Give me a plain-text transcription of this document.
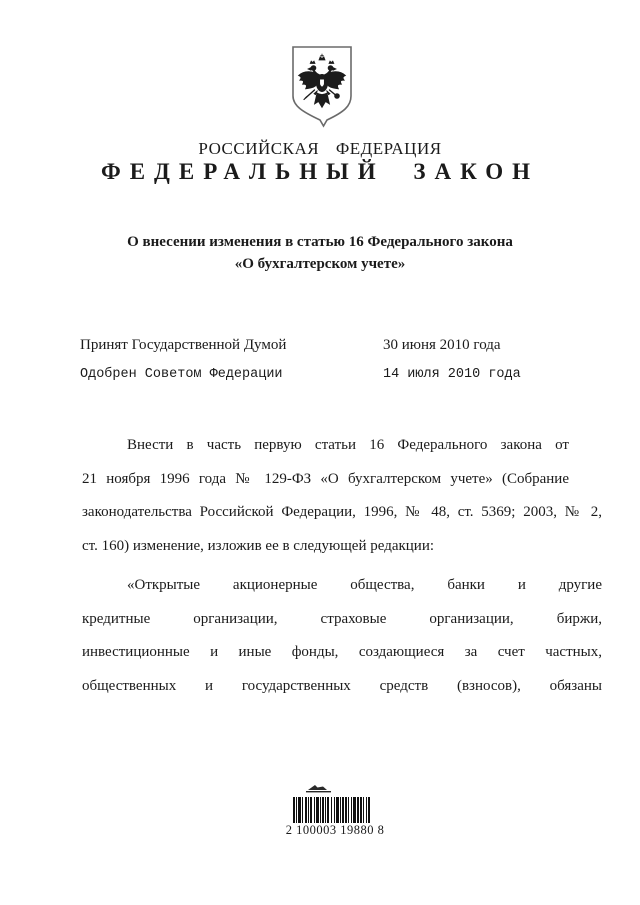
РОССИЙСКАЯ ФЕДЕРАЦИЯ
ФЕДЕРАЛЬНЫЙ ЗАКОН
О внесении изменения в статью 16 Федерального закона
«О бухгалтерском учете»
Принят Государственной Думой	30 июня 2010 года
Одобрен Советом Федерации	14 июля 2010 года
Внести в часть первую статьи 16 Федерального закона от
21 ноября 1996 года № 129-ФЗ «О бухгалтерском учете» (Собрание
законодательства Российской Федерации, 1996, № 48, ст. 5369; 2003, № 2,
ст. 160) изменение, изложив ее в следующей редакции:
«Открытые акционерные общества, банки и другие
кредитные организации, страховые организации, биржи,
инвестиционные и иные фонды, создающиеся за счет частных,
общественных и государственных средств (взносов), обязаны
2 100003 19880 8
